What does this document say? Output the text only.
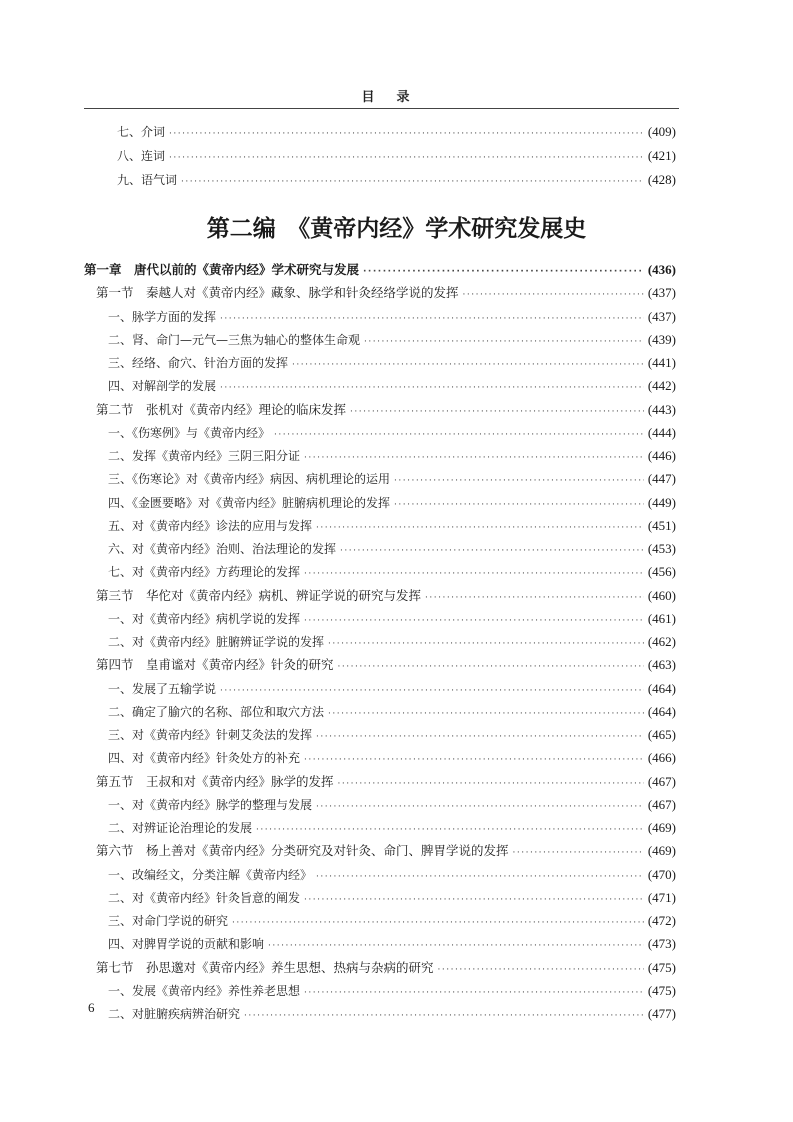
目录
七、介词 ·····	(409)
八、连词 ·····	(421)
九、语气词 ·····	(428)
第二编　《黄帝内经》学术研究发展史
第一章　唐代以前的《黄帝内经》学术研究与发展 ·····	(436)
第一节　秦越人对《黄帝内经》藏象、脉学和针灸经络学说的发挥 ·····	(437)
一、脉学方面的发挥 ·····	(437)
二、肾、命门—元气—三焦为轴心的整体生命观 ·····	(439)
三、经络、俞穴、针治方面的发挥 ·····	(441)
四、对解剖学的发展 ·····	(442)
第二节　张机对《黄帝内经》理论的临床发挥 ·····	(443)
一、《伤寒例》与《黄帝内经》 ·····	(444)
二、发挥《黄帝内经》三阴三阳分证 ·····	(446)
三、《伤寒论》对《黄帝内经》病因、病机理论的运用 ·····	(447)
四、《金匮要略》对《黄帝内经》脏腑病机理论的发挥 ·····	(449)
五、对《黄帝内经》诊法的应用与发挥 ·····	(451)
六、对《黄帝内经》治则、治法理论的发挥 ·····	(453)
七、对《黄帝内经》方药理论的发挥 ·····	(456)
第三节　华佗对《黄帝内经》病机、辨证学说的研究与发挥 ·····	(460)
一、对《黄帝内经》病机学说的发挥 ·····	(461)
二、对《黄帝内经》脏腑辨证学说的发挥 ·····	(462)
第四节　皇甫谧对《黄帝内经》针灸的研究 ·····	(463)
一、发展了五输学说 ·····	(464)
二、确定了腧穴的名称、部位和取穴方法 ·····	(464)
三、对《黄帝内经》针刺艾灸法的发挥 ·····	(465)
四、对《黄帝内经》针灸处方的补充 ·····	(466)
第五节　王叔和对《黄帝内经》脉学的发挥 ·····	(467)
一、对《黄帝内经》脉学的整理与发展 ·····	(467)
二、对辨证论治理论的发展 ·····	(469)
第六节　杨上善对《黄帝内经》分类研究及对针灸、命门、脾胃学说的发挥 ·····	(469)
一、改编经文，分类注解《黄帝内经》 ·····	(470)
二、对《黄帝内经》针灸旨意的阐发 ·····	(471)
三、对命门学说的研究 ·····	(472)
四、对脾胃学说的贡献和影响 ·····	(473)
第七节　孙思邈对《黄帝内经》养生思想、热病与杂病的研究 ·····	(475)
一、发展《黄帝内经》养性养老思想 ·····	(475)
二、对脏腑疾病辨治研究 ·····	(477)
6
